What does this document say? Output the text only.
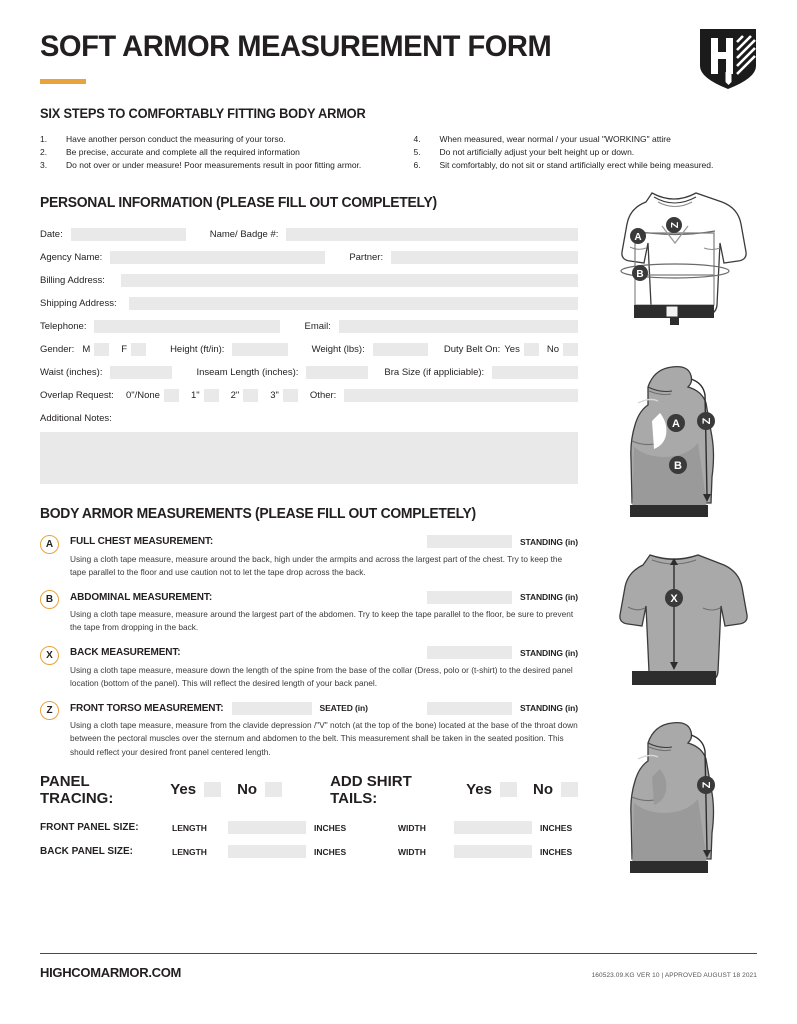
SOFT ARMOR MEASUREMENT FORM
SIX STEPS TO COMFORTABLY FITTING BODY ARMOR
1.	Have another person conduct the measuring of your torso.
2.	Be precise, accurate and complete all the required information
3.	Do not over or under measure! Poor measurements result in poor fitting armor.
4.	When measured, wear normal / your usual "WORKING" attire
5.	Do not artificially adjust your belt height up or down.
6.	Sit comfortably, do not sit or stand artificially erect while being measured.
PERSONAL INFORMATION (PLEASE FILL OUT COMPLETELY)
Date:	Name/ Badge #:
Agency Name:	Partner:
Billing Address:
Shipping Address:
Telephone:	Email:
Gender: M	F	Height (ft/in):	Weight (lbs):	Duty Belt On: Yes	No
Waist (inches):	Inseam Length (inches):	Bra Size (if appliciable):
Overlap Request: 0"/None	1"	2"	3"	Other:
Additional Notes:
BODY ARMOR MEASUREMENTS (PLEASE FILL OUT COMPLETELY)
A	FULL CHEST MEASUREMENT:	STANDING (in)
Using a cloth tape measure, measure around the back, high under the armpits and across the largest part of the chest. Try to keep the tape parallel to the floor and use caution not to let the tape drop across the back.
B	ABDOMINAL MEASUREMENT:	STANDING (in)
Using a cloth tape measure, measure around the largest part of the abdomen. Try to keep the tape parallel to the floor, be sure to prevent the tape from dropping in the back.
X	BACK MEASUREMENT:	STANDING (in)
Using a cloth tape measure, measure down the length of the spine from the base of the collar (Dress, polo or (t-shirt) to the desired panel location (bottom of the panel). This will reflect the desired length of your back panel.
Z	FRONT TORSO MEASUREMENT:	SEATED (in)	STANDING (in)
Using a cloth tape measure, measure from the clavide depression /"V" notch (at the top of the bone) located at the base of the throat down between the pectoral muscles over the sternum and abdomen to the belt. This measurement shall be taken in the seated position. This should reflect your desired front panel centered length.
PANEL TRACING:	Yes	No	ADD SHIRT TAILS:	Yes	No
FRONT PANEL SIZE:	LENGTH	INCHES	WIDTH	INCHES
BACK PANEL SIZE:	LENGTH	INCHES	WIDTH	INCHES
Z
A
B
A
B
Z
X
Z
HIGHCOMARMOR.COM	160523.09.KG VER 10 | APPROVED AUGUST 18 2021
